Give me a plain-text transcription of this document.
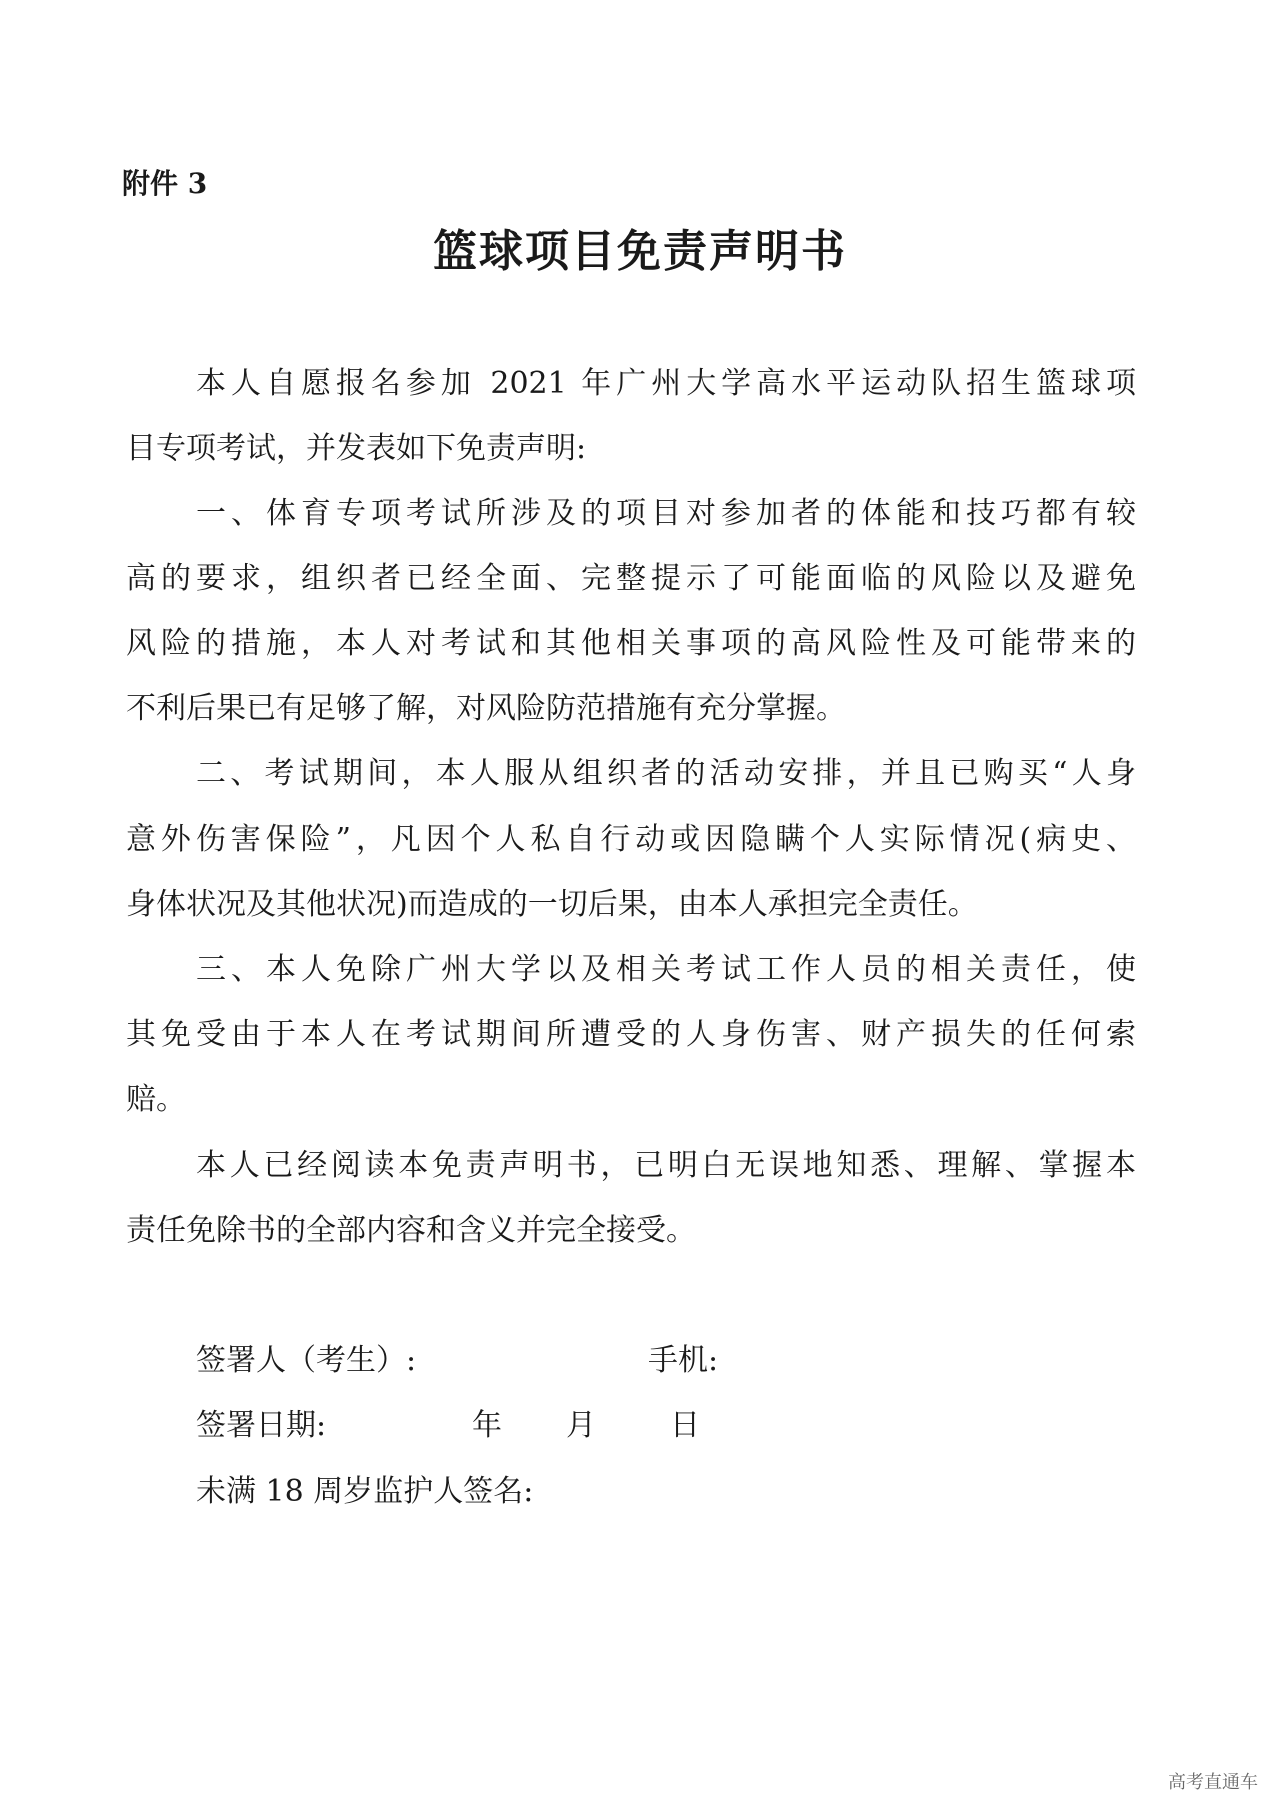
附件 3
篮球项目免责声明书
本人自愿报名参加 2021 年广州大学高水平运动队招生篮球项
目专项考试，并发表如下免责声明:
一、体育专项考试所涉及的项目对参加者的体能和技巧都有较
高的要求，组织者已经全面、完整提示了可能面临的风险以及避免
风险的措施，本人对考试和其他相关事项的高风险性及可能带来的
不利后果已有足够了解，对风险防范措施有充分掌握。
二、考试期间，本人服从组织者的活动安排，并且已购买“人身
意外伤害保险”，凡因个人私自行动或因隐瞒个人实际情况(病史、
身体状况及其他状况)而造成的一切后果，由本人承担完全责任。
三、本人免除广州大学以及相关考试工作人员的相关责任，使
其免受由于本人在考试期间所遭受的人身伤害、财产损失的任何索
赔。
本人已经阅读本免责声明书，已明白无误地知悉、理解、掌握本
责任免除书的全部内容和含义并完全接受。
签署人（考生）:	手机:
签署日期:	年	月	日
未满 18 周岁监护人签名:
高考直通车
